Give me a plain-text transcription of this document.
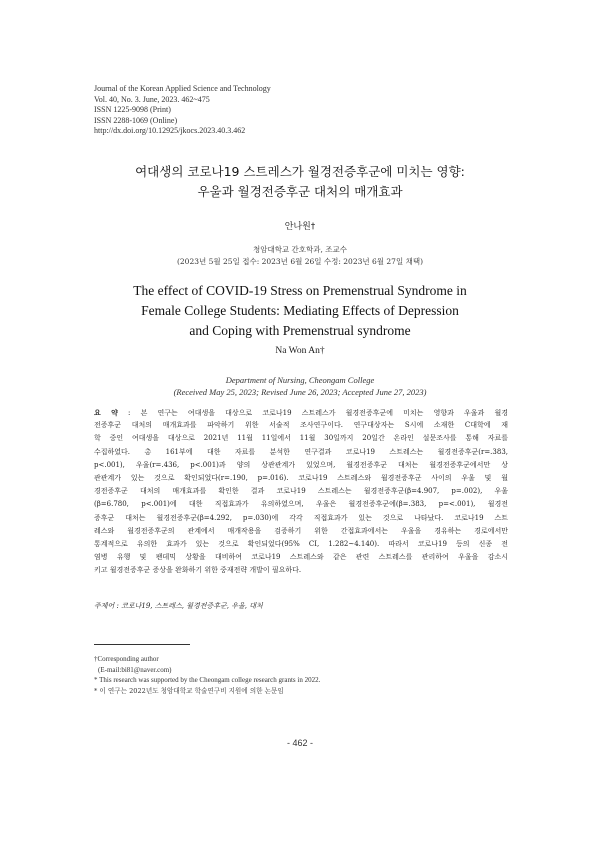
Journal of the Korean Applied Science and Technology
Vol. 40, No. 3. June, 2023. 462~475
ISSN 1225-9098 (Print)
ISSN 2288-1069 (Online)
http://dx.doi.org/10.12925/jkocs.2023.40.3.462
여대생의 코로나19 스트레스가 월경전증후군에 미치는 영향:
우울과 월경전증후군 대처의 매개효과
안나원†
청암대학교 간호학과, 조교수
(2023년 5월 25일 접수: 2023년 6월 26일 수정: 2023년 6월 27일 채택)
The effect of COVID-19 Stress on Premenstrual Syndrome in
Female College Students: Mediating Effects of Depression
and Coping with Premenstrual syndrome
Na Won An†
Department of Nursing, Cheongam College
(Received May 25, 2023; Revised June 26, 2023; Accepted June 27, 2023)
요 약 : 본 연구는 여대생을 대상으로 코로나19 스트레스가 월경전증후군에 미치는 영향과 우울과 월경
전증후군 대처의 매개효과를 파악하기 위한 서술적 조사연구이다. 연구대상자는 S시에 소재한 C대학에 재
학 중인 여대생을 대상으로 2021년 11월 11일에서 11월 30일까지 20일간 온라인 설문조사를 통해 자료를
수집하였다. 총 161부에 대한 자료를 분석한 연구결과 코로나19 스트레스는 월경전증후군(r=.383,
p<.001), 우울(r=.436, p<.001)과 양의 상관관계가 있었으며, 월경전증후군 대처는 월경전증후군에서만 상
관관계가 있는 것으로 확인되었다(r=.190, p=.016). 코로나19 스트레스와 월경전증후군 사이의 우울 및 월
경전증후군 대처의 매개효과를 확인한 결과 코로나19 스트레스는 월경전증후군(β=4.907, p=.002), 우울
(β=6.780, p<.001)에 대한 직접효과가 유의하였으며, 우울은 월경전증후군에(β=.383, p=<.001), 월경전
증후군 대처는 월경전증후군(β=4.292, p=.030)에 각각 직접효과가 있는 것으로 나타났다. 코로나19 스트
레스와 월경전증후군의 관계에서 매개작용을 검증하기 위한 간접효과에서는 우울을 경유하는 경로에서만
통계적으로 유의한 효과가 있는 것으로 확인되었다(95% CI, 1.282~4.140). 따라서 코로나19 등의 신종 전
염병 유행 및 팬데믹 상황을 대비하여 코로나19 스트레스와 같은 관련 스트레스를 관리하여 우울을 감소시
키고 월경전증후군 증상을 완화하기 위한 중재전략 개발이 필요하다.
주제어 : 코로나19, 스트레스, 월경전증후군, 우울, 대처
†Corresponding author
(E-mail:bi81@naver.com)
* This research was supported by the Cheongam college research grants in 2022.
* 이 연구는 2022년도 청암대학교 학술연구비 지원에 의한 논문임
- 462 -
